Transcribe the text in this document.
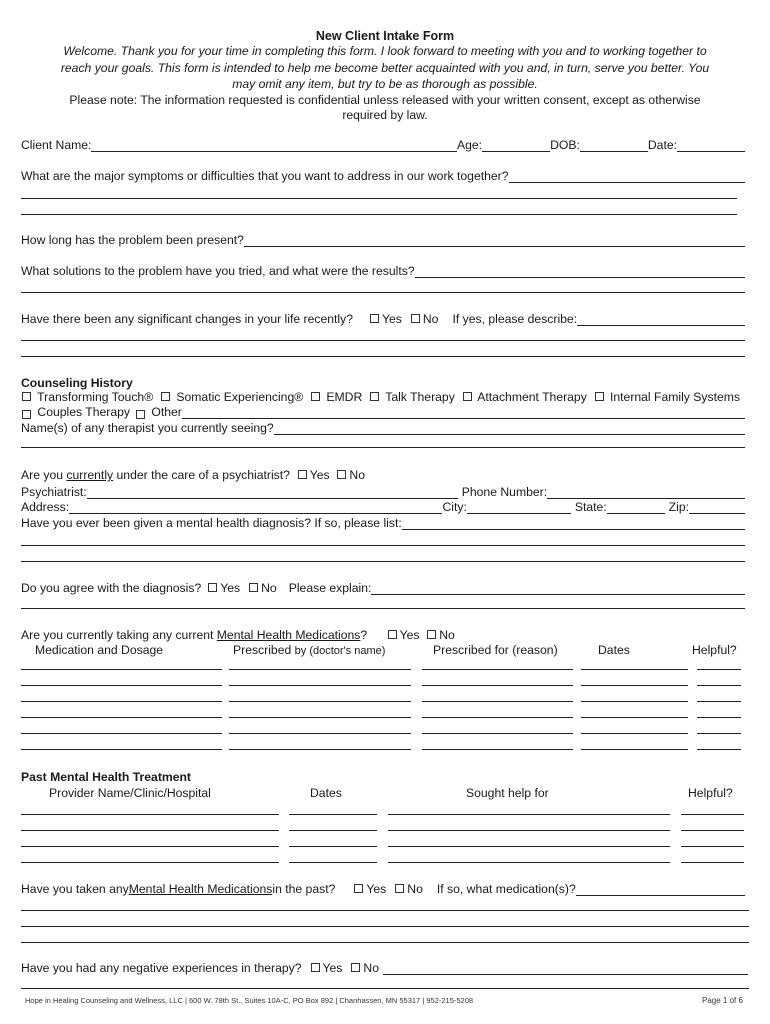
New Client Intake Form
Welcome. Thank you for your time in completing this form. I look forward to meeting with you and to working together to
reach your goals. This form is intended to help me become better acquainted with you and, in turn, serve you better. You
may omit any item, but try to be as thorough as possible.
Please note: The information requested is confidential unless released with your written consent, except as otherwise
required by law.
Client Name:	Age:	DOB:	Date:
What are the major symptoms or difficulties that you want to address in our work together?
How long has the problem been present?
What solutions to the problem have you tried, and what were the results?
Have there been any significant changes in your life recently?	Yes	No If yes, please describe:
Counseling History
Transforming Touch® Somatic Experiencing® EMDR Talk Therapy Attachment Therapy Internal Family Systems

Couples Therapy
Other
Name(s) of any therapist you currently seeing?
Are you currently under the care of a psychiatrist? Yes No
Psychiatrist:	Phone Number:
Address:	City:	State:	Zip:
Have you ever been given a mental health diagnosis? If so, please list:
Do you agree with the diagnosis?	Yes	No Please explain:
Are you currently taking any current Mental Health Medications?	Yes No
Medication and Dosage	Prescribed by (doctor's name)	Prescribed for (reason)	Dates	Helpful?
Past Mental Health Treatment
Provider Name/Clinic/Hospital	Dates	Sought help for	Helpful?
Have you taken any Mental Health Medications in the past?	Yes	No If so, what medication(s)?
Have you had any negative experiences in therapy?	Yes	No
Hope in Healing Counseling and Wellness, LLC | 600 W. 78th St., Suites 10A-C, PO Box 892 | Chanhassen, MN 55317 | 952-215-5208	Page 1 of 6
